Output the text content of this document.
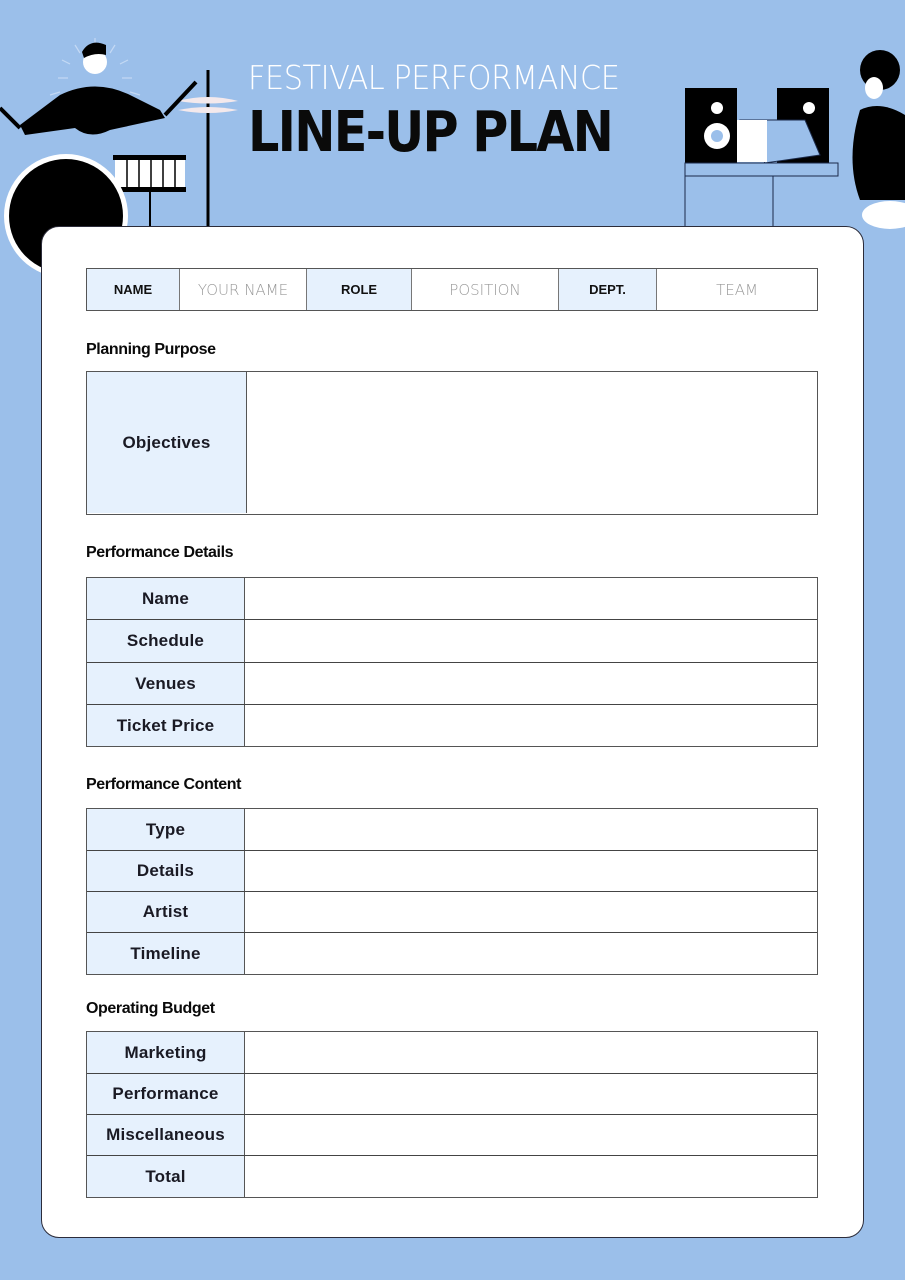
FESTIVAL PERFORMANCE
LINE-UP PLAN
NAME	YOUR NAME	ROLE	POSITION	DEPT.	TEAM
Planning Purpose
Objectives
Performance Details
Name
Schedule
Venues
Ticket Price
Performance Content
Type
Details
Artist
Timeline
Operating Budget
Marketing
Performance
Miscellaneous
Total
